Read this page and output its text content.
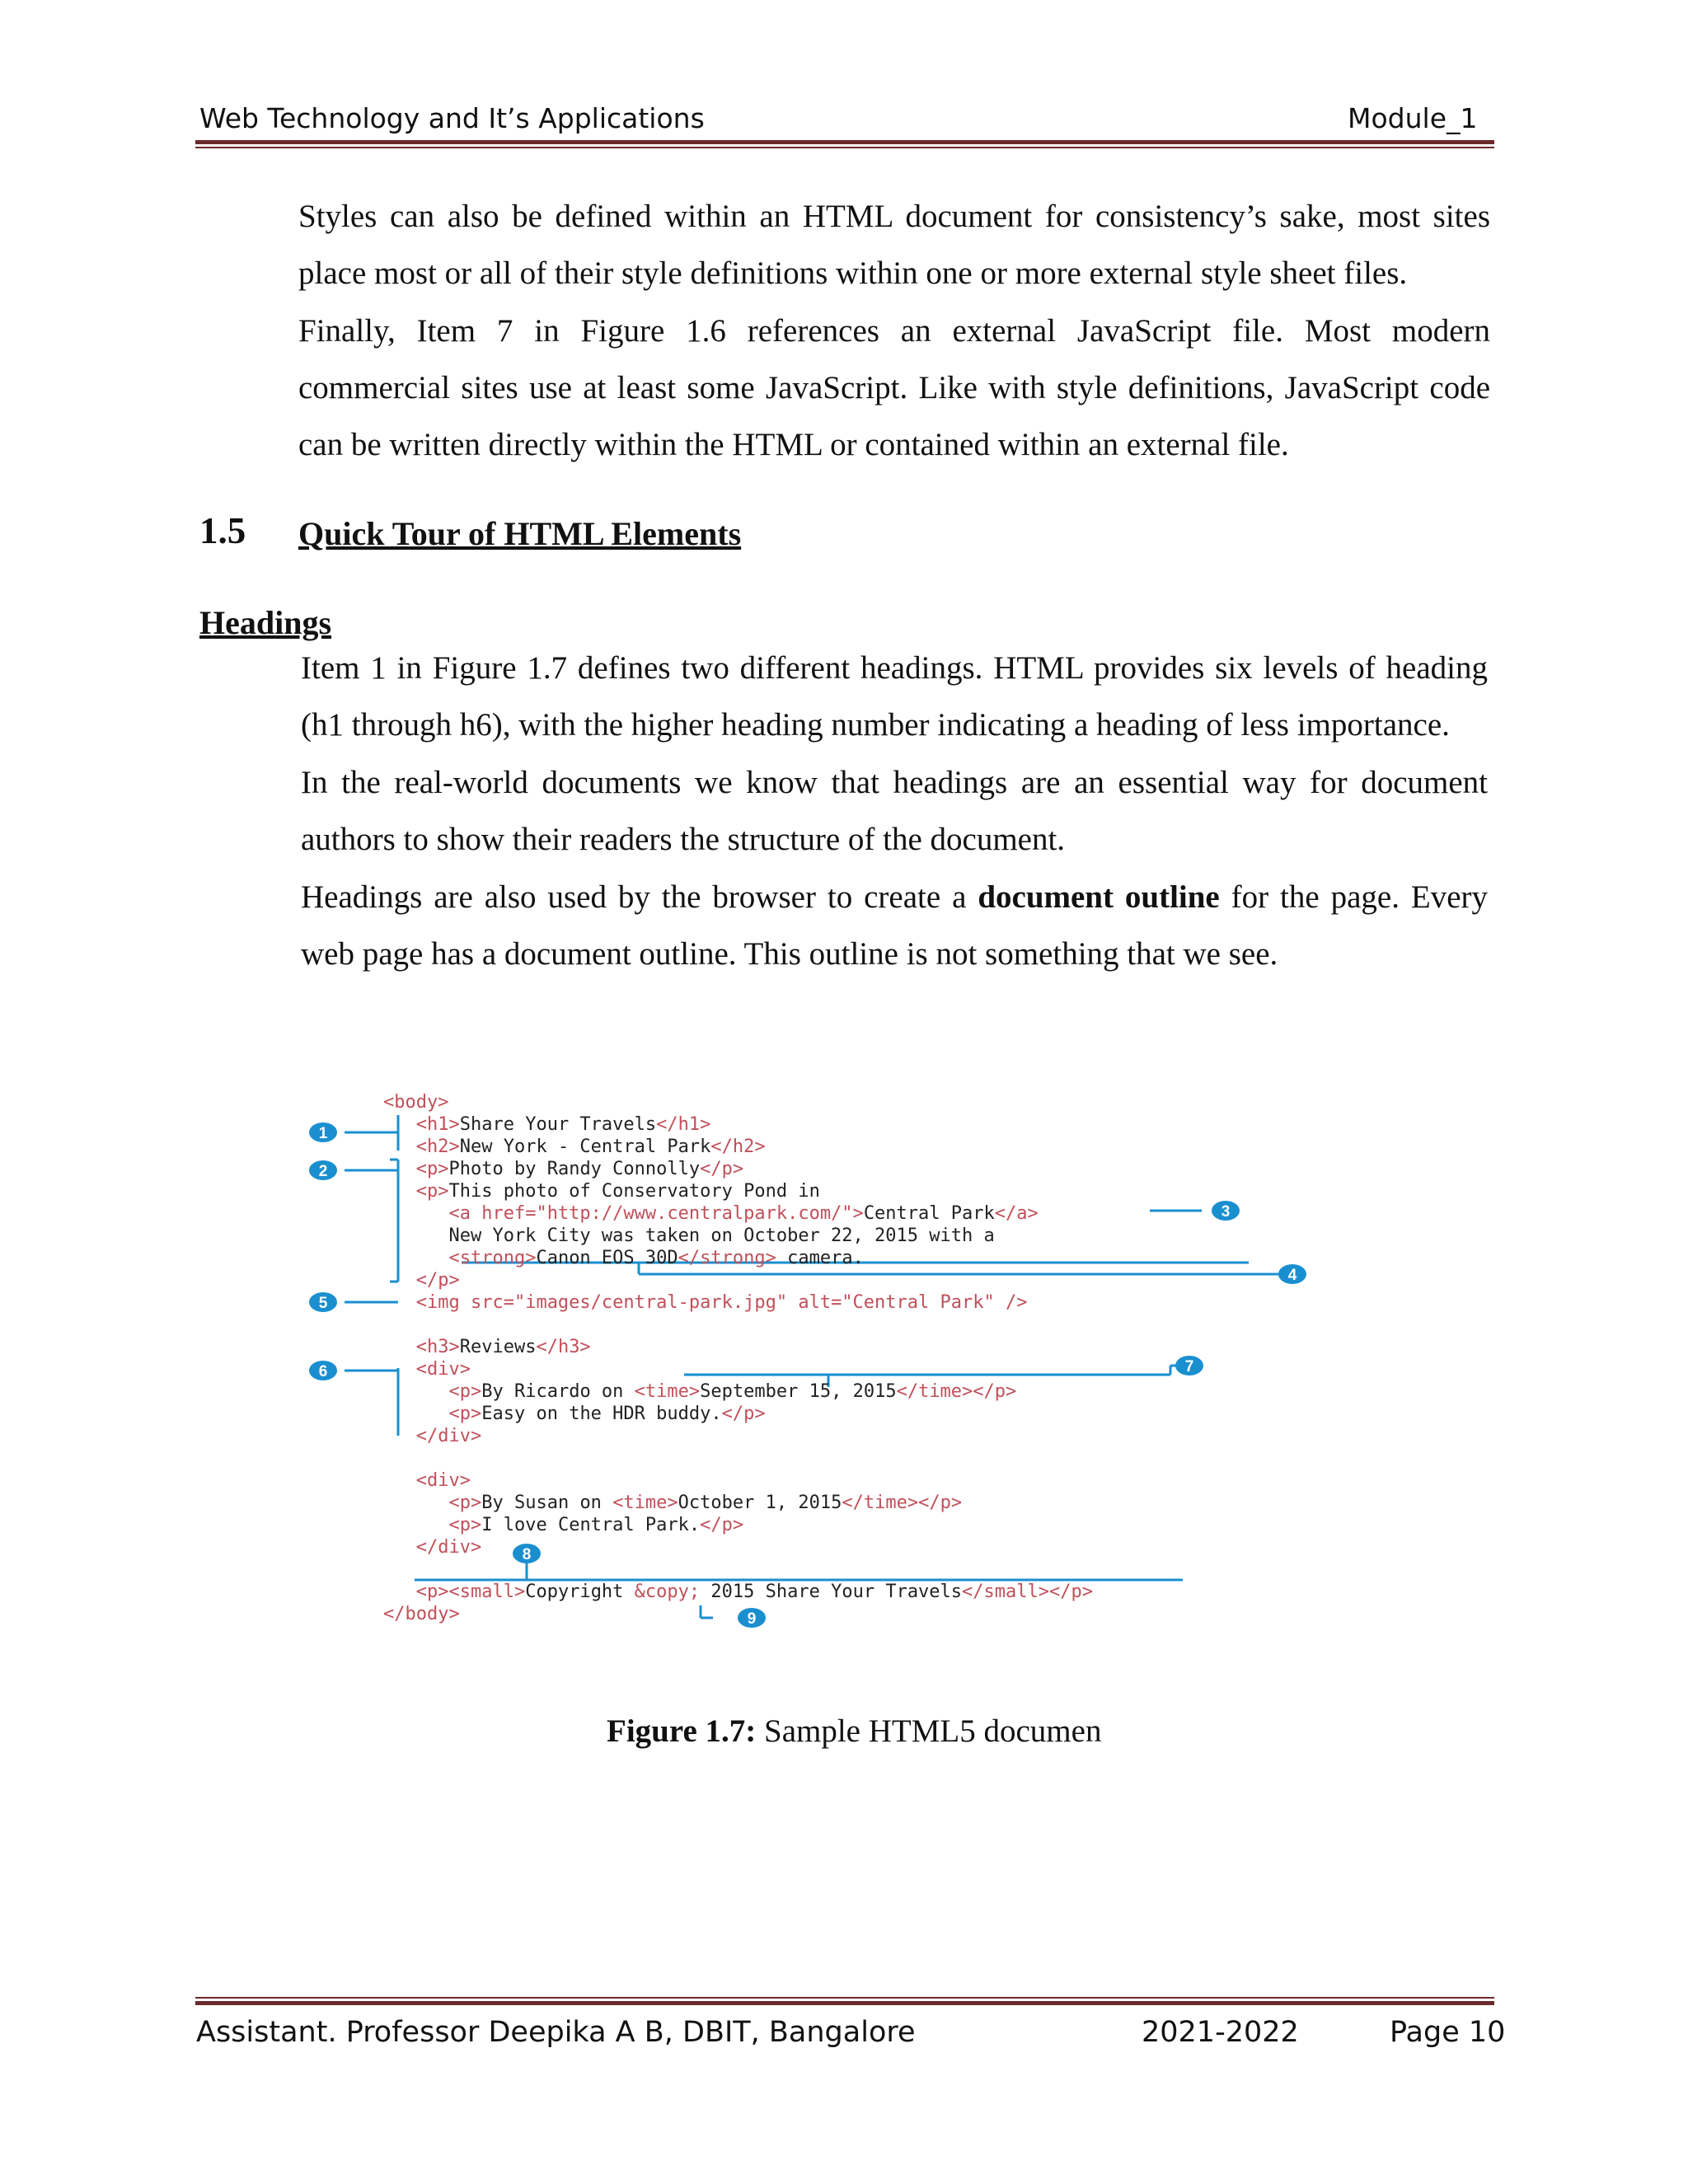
Web Technology and It’s Applications	Module_1
Styles can also be defined within an HTML document for consistency’s sake, most sites place most or all of their style definitions within one or more external style sheet files.
Finally, Item 7 in Figure 1.6 references an external JavaScript file. Most modern commercial sites use at least some JavaScript. Like with style definitions, JavaScript code can be written directly within the HTML or contained within an external file.
1.5 Quick Tour of HTML Elements
Headings
Item 1 in Figure 1.7 defines two different headings. HTML provides six levels of heading (h1 through h6), with the higher heading number indicating a heading of less importance.
In the real-world documents we know that headings are an essential way for document authors to show their readers the structure of the document.
Headings are also used by the browser to create a document outline for the page. Every web page has a document outline. This outline is not something that we see.
1
2
3
4
5
6	7
8
9
<body>
<h1>Share Your Travels</h1>
<h2>New York - Central Park</h2>
<p>Photo by Randy Connolly</p>
<p>This photo of Conservatory Pond in
<a href="http://www.centralpark.com/">Central Park</a>
New York City was taken on October 22, 2015 with a
<strong>Canon EOS 30D</strong> camera.
</p>
<img src="images/central-park.jpg" alt="Central Park" />

<h3>Reviews</h3>
<div>
<p>By Ricardo on <time>September 15, 2015</time></p>
<p>Easy on the HDR buddy.</p>
</div>

<div>
<p>By Susan on <time>October 1, 2015</time></p>
<p>I love Central Park.</p>
</div>

<p><small>Copyright &copy; 2015 Share Your Travels</small></p>
</body>
Figure 1.7: Sample HTML5 documen
Assistant. Professor Deepika A B, DBIT, Bangalore	2021-2022	Page 10
